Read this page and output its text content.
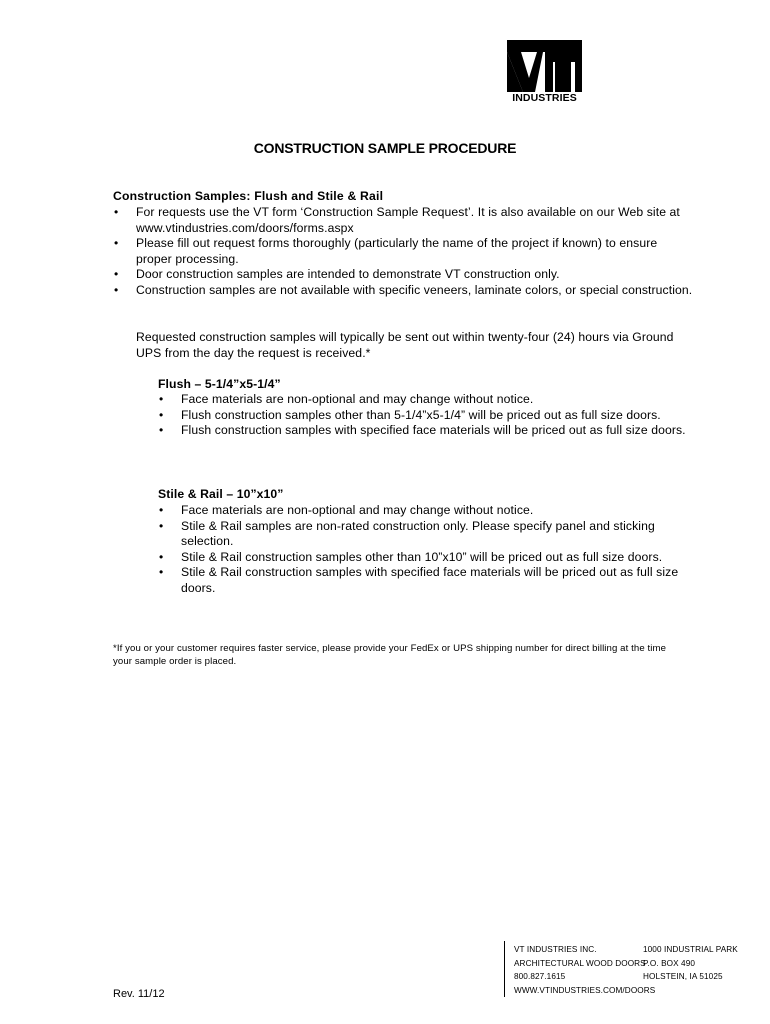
INDUSTRIES
CONSTRUCTION SAMPLE PROCEDURE
Construction Samples: Flush and Stile & Rail
• For requests use the VT form ‘Construction Sample Request’. It is also available on our Web site at www.vtindustries.com/doors/forms.aspx
• Please fill out request forms thoroughly (particularly the name of the project if known) to ensure proper processing.
• Door construction samples are intended to demonstrate VT construction only.
• Construction samples are not available with specific veneers, laminate colors, or special construction.
Requested construction samples will typically be sent out within twenty-four (24) hours via Ground UPS from the day the request is received.*
Flush – 5-1/4”x5-1/4”
• Face materials are non-optional and may change without notice.
• Flush construction samples other than 5-1/4”x5-1/4” will be priced out as full size doors.
• Flush construction samples with specified face materials will be priced out as full size doors.
Stile & Rail – 10”x10”
• Face materials are non-optional and may change without notice.
• Stile & Rail samples are non-rated construction only. Please specify panel and sticking selection.
• Stile & Rail construction samples other than 10”x10” will be priced out as full size doors.
• Stile & Rail construction samples with specified face materials will be priced out as full size doors.
*If you or your customer requires faster service, please provide your FedEx or UPS shipping number for direct billing at the time your sample order is placed.
Rev. 11/12
VT INDUSTRIES INC.
ARCHITECTURAL WOOD DOORS
800.827.1615
WWW.VTINDUSTRIES.COM/DOORS
1000 INDUSTRIAL PARK
P.O. BOX 490
HOLSTEIN, IA 51025
